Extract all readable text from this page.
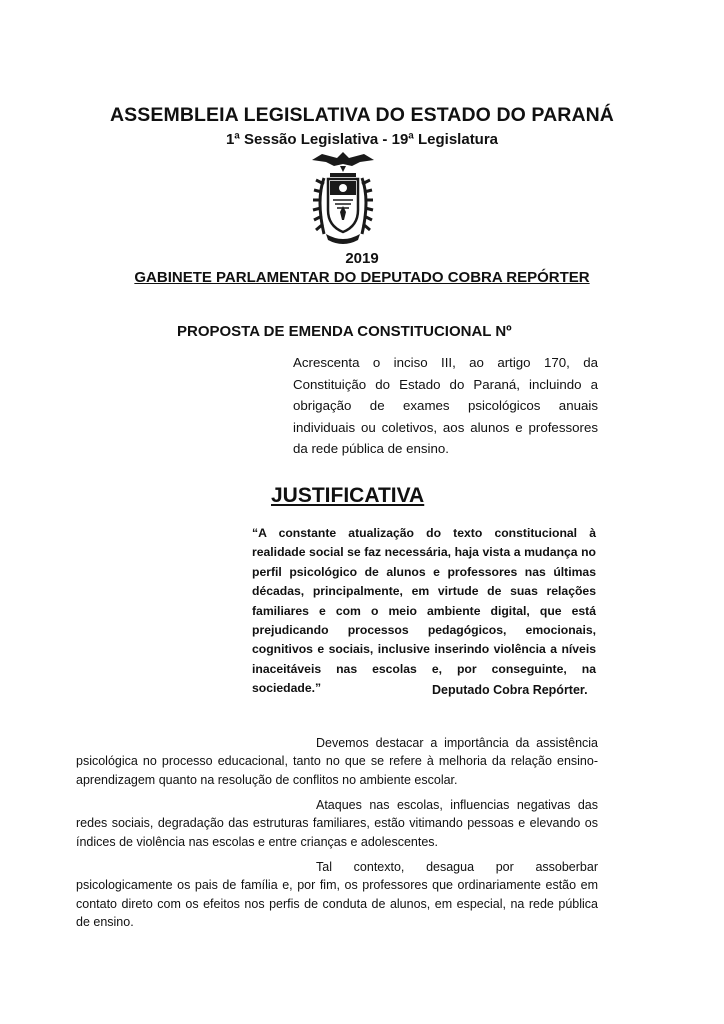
ASSEMBLEIA LEGISLATIVA DO ESTADO DO PARANÁ
1ª Sessão Legislativa - 19ª Legislatura
2019
GABINETE PARLAMENTAR DO DEPUTADO COBRA REPÓRTER
PROPOSTA DE EMENDA CONSTITUCIONAL Nº
Acrescenta o inciso III, ao artigo 170, da Constituição do Estado do Paraná, incluindo a obrigação de exames psicológicos anuais individuais ou coletivos, aos alunos e professores da rede pública de ensino.
JUSTIFICATIVA
“A constante atualização do texto constitucional à realidade social se faz necessária, haja vista a mudança no perfil psicológico de alunos e professores nas últimas décadas, principalmente, em virtude de suas relações familiares e com o meio ambiente digital, que está prejudicando processos pedagógicos, emocionais, cognitivos e sociais, inclusive inserindo violência a níveis inaceitáveis nas escolas e, por conseguinte, na sociedade.”	Deputado Cobra Repórter.
Devemos destacar a importância da assistência psicológica no processo educacional, tanto no que se refere à melhoria da relação ensino-aprendizagem quanto na resolução de conflitos no ambiente escolar.
Ataques nas escolas, influencias negativas das redes sociais, degradação das estruturas familiares, estão vitimando pessoas e elevando os índices de violência nas escolas e entre crianças e adolescentes.
Tal contexto, desagua por assoberbar psicologicamente os pais de família e, por fim, os professores que ordinariamente estão em contato direto com os efeitos nos perfis de conduta de alunos, em especial, na rede pública de ensino.
